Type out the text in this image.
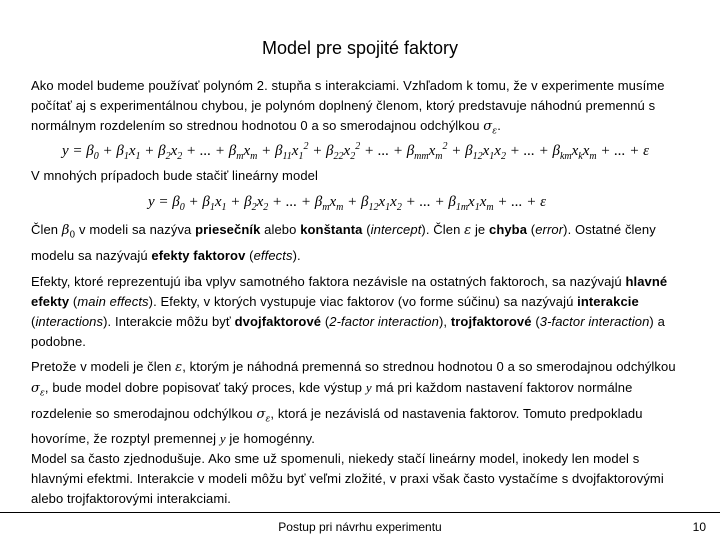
Model pre spojité faktory
Ako model budeme používať polynóm 2. stupňa s interakciami. Vzhľadom k tomu, že v experimente musíme počítať aj s experimentálnou chybou, je polynóm doplnený členom, ktorý predstavuje náhodnú premennú s normálnym rozdelením so strednou hodnotou 0 a so smerodajnou odchýlkou $\sigma_\varepsilon$.
$y = \beta_0 + \beta_1x_1 + \beta_2x_2$ + ... + $\beta_mx_m + \beta_{11}x_1^2 + \beta_{22}x_2^2$ + ... + $\beta_{mm}x_m^2 + \beta_{12}x_1x_2$ + ... + $\beta_{km}x_kx_m$ + ... + ε
V mnohých prípadoch bude stačiť lineárny model
$y = \beta_0 + \beta_1x_1 + \beta_2x_2$ + ... + $\beta_mx_m + \beta_{12}x_1x_2$ + ... + $\beta_{1m}x_1x_m$ + ... + ε
Člen $\beta_0$ v modeli sa nazýva priesečník alebo konštanta (intercept). Člen ε je chyba (error). Ostatné členy modelu sa nazývajú efekty faktorov (effects).
Efekty, ktoré reprezentujú iba vplyv samotného faktora nezávisle na ostatných faktoroch, sa nazývajú hlavné efekty (main effects). Efekty, v ktorých vystupuje viac faktorov (vo forme súčinu) sa nazývajú interakcie (interactions). Interakcie môžu byť dvojfaktorové (2-factor interaction), trojfaktorové (3-factor interaction) a podobne.
Pretože v modeli je člen ε, ktorým je náhodná premenná so strednou hodnotou 0 a so smerodajnou odchýlkou $\sigma_\varepsilon$, bude model dobre popisovať taký proces, kde výstup y má pri každom nastavení faktorov normálne rozdelenie so smerodajnou odchýlkou $\sigma_\varepsilon$, ktorá je nezávislá od nastavenia faktorov. Tomuto predpokladu hovoríme, že rozptyl premennej y je homogénny.
Model sa často zjednodušuje. Ako sme už spomenuli, niekedy stačí lineárny model, inokedy len model s hlavnými efektmi. Interakcie v modeli môžu byť veľmi zložité, v praxi však často vystačíme s dvojfaktorovými alebo trojfaktorovými interakciami.
Postup pri návrhu experimentu	10
